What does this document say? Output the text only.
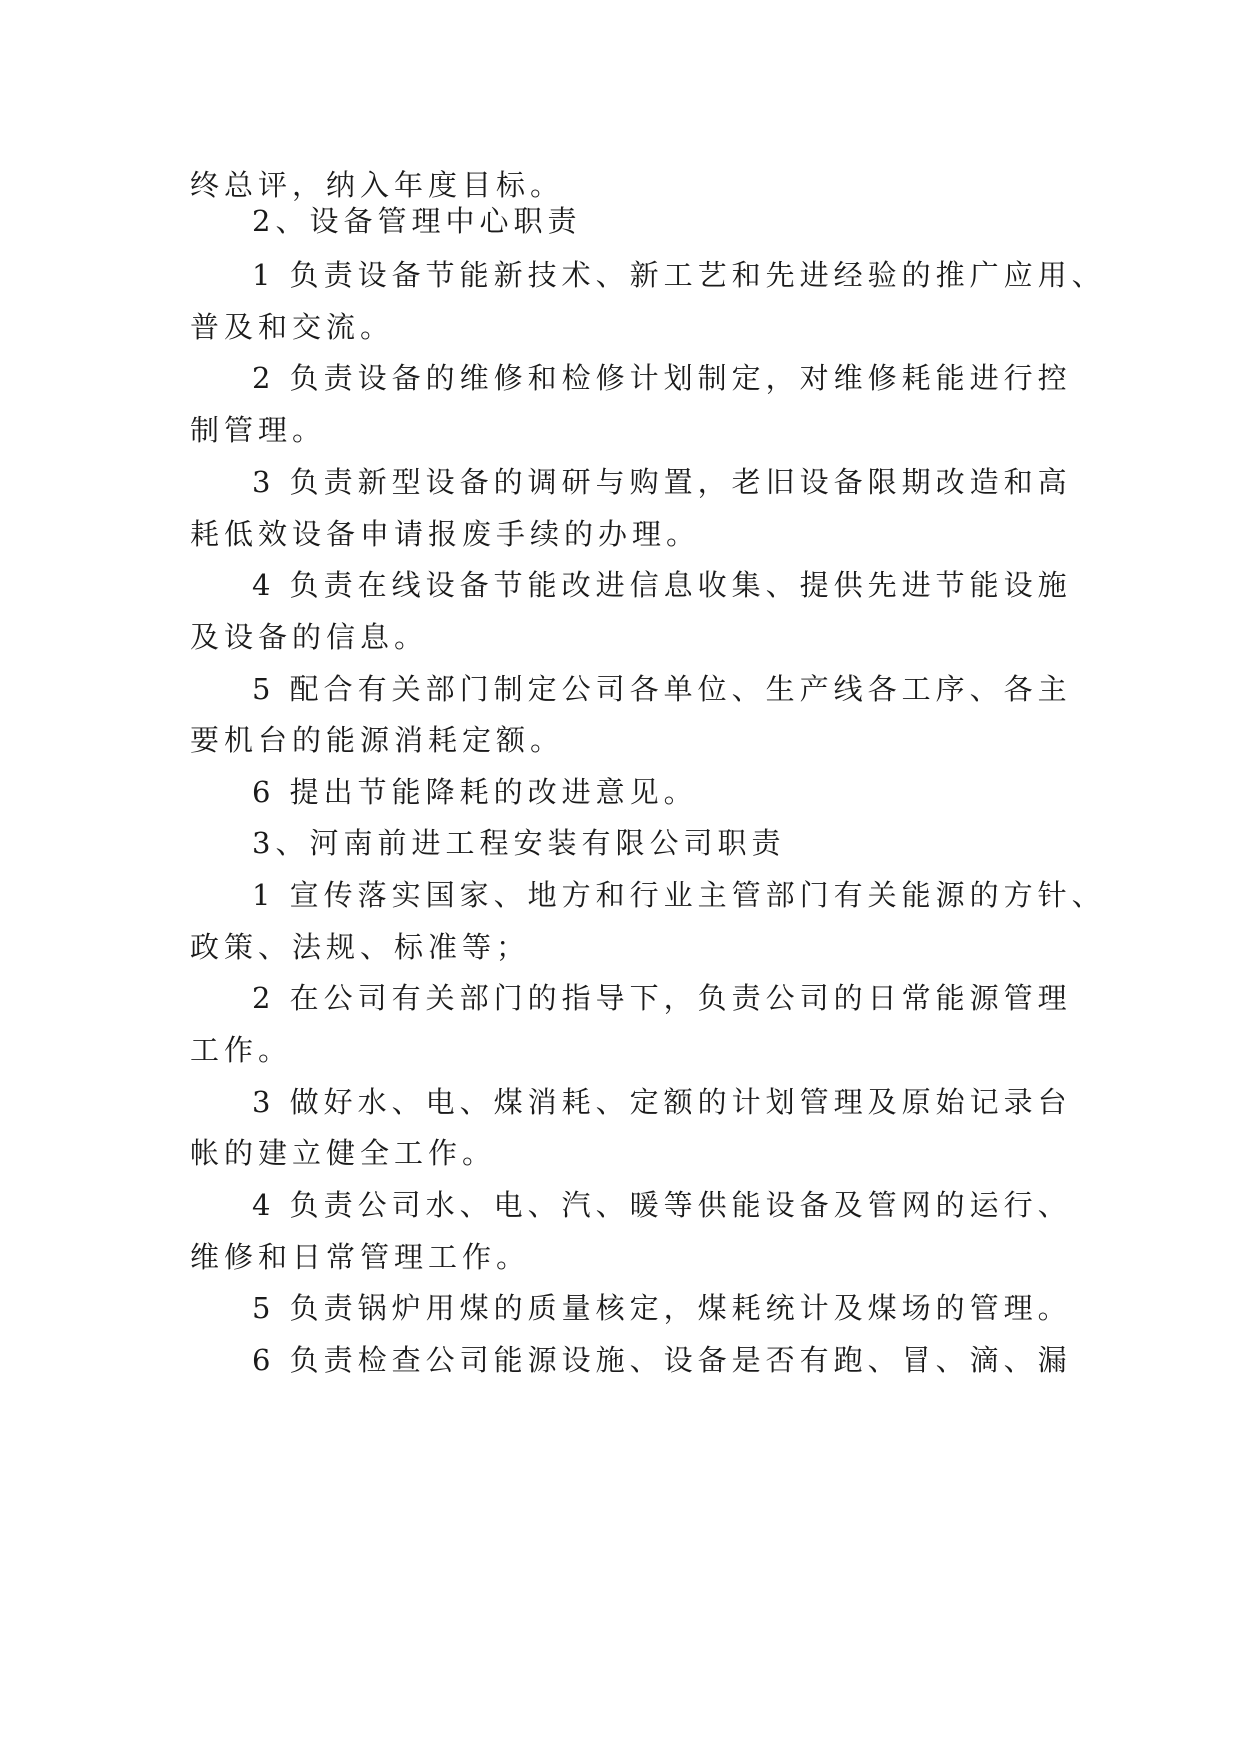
终总评，纳入年度目标。
2、设备管理中心职责
1 负责设备节能新技术、新工艺和先进经验的推广应用、
普及和交流。
2 负责设备的维修和检修计划制定，对维修耗能进行控
制管理。
3 负责新型设备的调研与购置，老旧设备限期改造和高
耗低效设备申请报废手续的办理。
4 负责在线设备节能改进信息收集、提供先进节能设施
及设备的信息。
5 配合有关部门制定公司各单位、生产线各工序、各主
要机台的能源消耗定额。
6 提出节能降耗的改进意见。
3、河南前进工程安装有限公司职责
1 宣传落实国家、地方和行业主管部门有关能源的方针、
政策、法规、标准等；
2 在公司有关部门的指导下，负责公司的日常能源管理
工作。
3 做好水、电、煤消耗、定额的计划管理及原始记录台
帐的建立健全工作。
4 负责公司水、电、汽、暖等供能设备及管网的运行、
维修和日常管理工作。
5 负责锅炉用煤的质量核定，煤耗统计及煤场的管理。
6 负责检查公司能源设施、设备是否有跑、冒、滴、漏
